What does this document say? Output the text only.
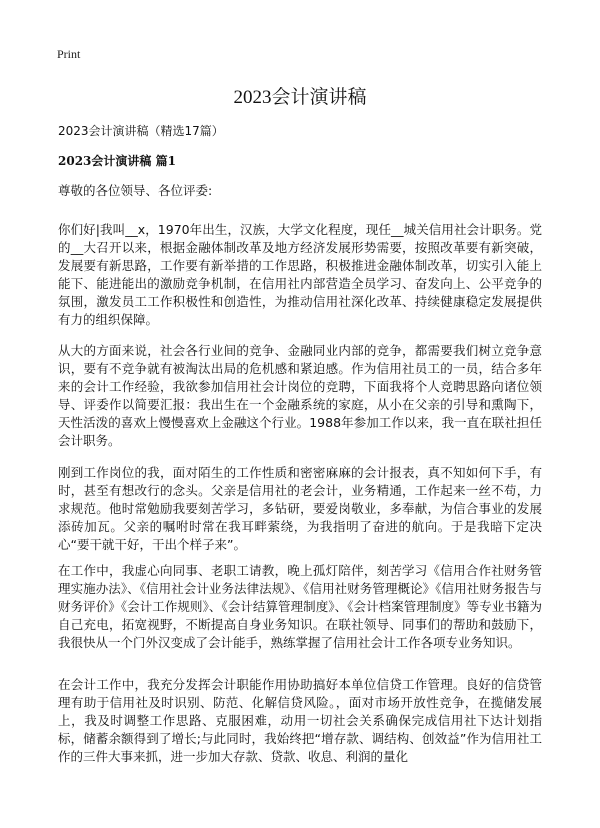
Print
2023会计演讲稿
2023会计演讲稿（精选17篇）
2023会计演讲稿 篇1
尊敬的各位领导、各位评委:

你们好|我叫__x，1970年出生，汉族，大学文化程度，现任__城关信用社会计职务。党的__大召开以来，根据金融体制改革及地方经济发展形势需要，按照改革要有新突破，发展要有新思路，工作要有新举措的工作思路，积极推进金融体制改革，切实引入能上能下、能进能出的激励竞争机制，在信用社内部营造全员学习、奋发向上、公平竞争的氛围，激发员工工作积极性和创造性，为推动信用社深化改革、持续健康稳定发展提供有力的组织保障。

从大的方面来说，社会各行业间的竞争、金融同业内部的竞争，都需要我们树立竞争意识，要有不竞争就有被淘汰出局的危机感和紧迫感。作为信用社员工的一员，结合多年来的会计工作经验，我欲参加信用社会计岗位的竞聘，下面我将个人竞聘思路向诸位领导、评委作以简要汇报：我出生在一个金融系统的家庭，从小在父亲的引导和熏陶下，天性活泼的喜欢上慢慢喜欢上金融这个行业。1988年参加工作以来，我一直在联社担任会计职务。

刚到工作岗位的我，面对陌生的工作性质和密密麻麻的会计报表，真不知如何下手，有时，甚至有想改行的念头。父亲是信用社的老会计，业务精通，工作起来一丝不苟，力求规范。他时常勉励我要刻苦学习，多钻研，要爱岗敬业，多奉献，为信合事业的发展添砖加瓦。父亲的嘱咐时常在我耳畔萦绕，为我指明了奋进的航向。于是我暗下定决心“要干就干好，干出个样子来”。

在工作中，我虚心向同事、老职工请教，晚上孤灯陪伴，刻苦学习《信用合作社财务管理实施办法》、《信用社会计业务法律法规》、《信用社财务管理概论》《信用社财务报告与财务评价》《会计工作规则》、《会计结算管理制度》、《会计档案管理制度》等专业书籍为自己充电，拓宽视野，不断提高自身业务知识。在联社领导、同事们的帮助和鼓励下，我很快从一个门外汉变成了会计能手，熟练掌握了信用社会计工作各项专业务知识。

在会计工作中，我充分发挥会计职能作用协助搞好本单位信贷工作管理。良好的信贷管理有助于信用社及时识别、防范、化解信贷风险。，面对市场开放性竞争，在揽储发展上，我及时调整工作思路、克服困难，动用一切社会关系确保完成信用社下达计划指标，储蓄余额得到了增长;与此同时，我始终把“增存款、调结构、创效益”作为信用社工作的三件大事来抓，进一步加大存款、贷款、收息、利润的量化
